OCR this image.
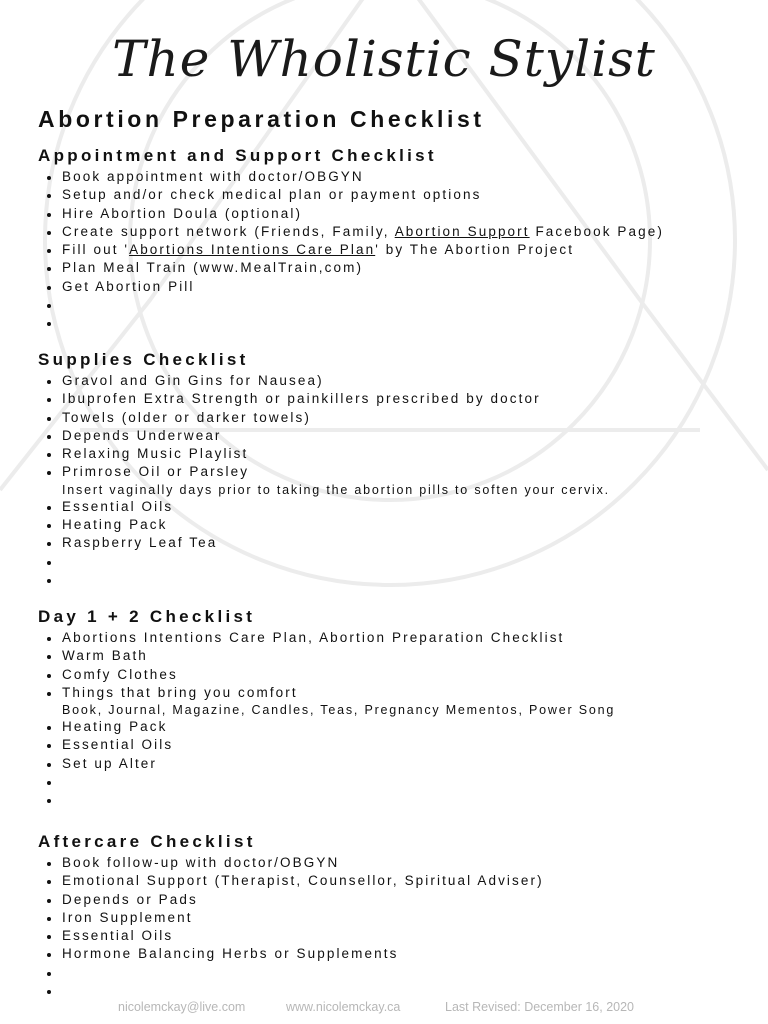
The Wholistic Stylist
Abortion Preparation Checklist
Appointment and Support Checklist
Book appointment with doctor/OBGYN
Setup and/or check medical plan or payment options
Hire Abortion Doula (optional)
Create support network (Friends, Family, Abortion Support Facebook Page)
Fill out 'Abortions Intentions Care Plan' by The Abortion Project
Plan Meal Train (www.MealTrain,com)
Get Abortion Pill
Supplies Checklist
Gravol and Gin Gins for Nausea)
Ibuprofen Extra Strength or painkillers prescribed by doctor
Towels (older or darker towels)
Depends Underwear
Relaxing Music Playlist
Primrose Oil or Parsley
Insert vaginally days prior to taking the abortion pills to soften your cervix.
Essential Oils
Heating Pack
Raspberry Leaf Tea
Day 1 + 2 Checklist
Abortions Intentions Care Plan, Abortion Preparation Checklist
Warm Bath
Comfy Clothes
Things that bring you comfort
Book, Journal, Magazine, Candles, Teas, Pregnancy Mementos, Power Song
Heating Pack
Essential Oils
Set up Alter
Aftercare Checklist
Book follow-up with doctor/OBGYN
Emotional Support (Therapist, Counsellor, Spiritual Adviser)
Depends or Pads
Iron Supplement
Essential Oils
Hormone Balancing Herbs or Supplements
nicolemckay@live.com	www.nicolemckay.ca	Last Revised: December 16, 2020
